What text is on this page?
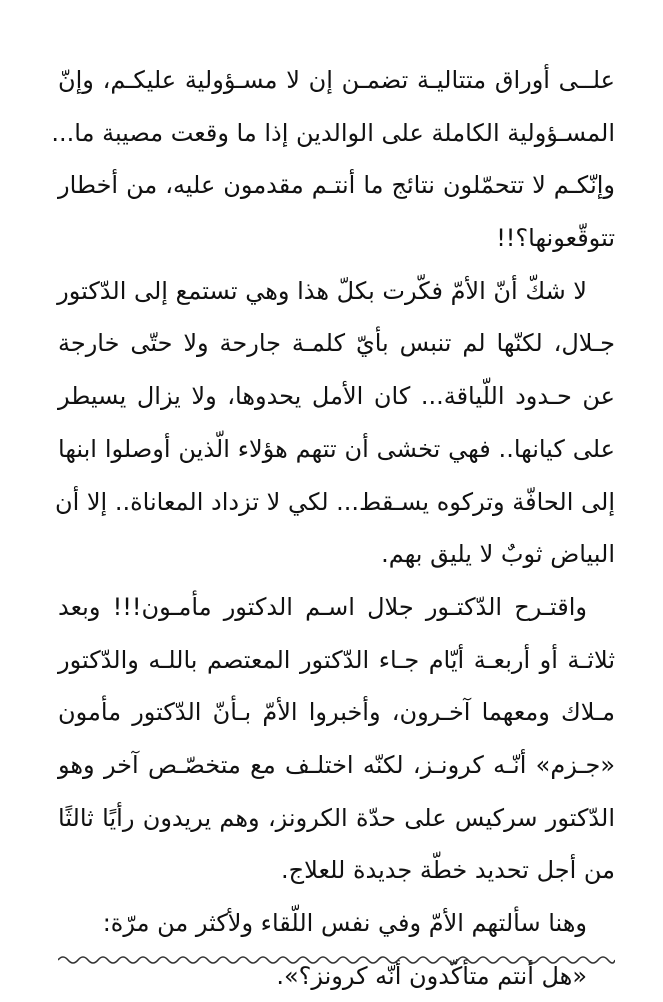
علــى أوراق متتاليـة تضمـن إن لا مسـؤولية عليكـم، وإنّ
المسـؤولية الكاملة على الوالدين إذا ما وقعت مصيبة ما...
وإنّكـم لا تتحمّلون نتائج ما أنتـم مقدمون عليه، من أخطار
تتوقّعونها؟!!
لا شكّ أنّ الأمّ فكّرت بكلّ هذا وهي تستمع إلى الدّكتور
جـلال، لكنّها لم تنبس بأيّ كلمـة جارحة ولا حتّى خارجة
عن حـدود اللّياقة... كان الأمل يحدوها، ولا يزال يسيطر
على كيانها.. فهي تخشى أن تتهم هؤلاء الّذين أوصلوا ابنها
إلى الحافّة وتركوه يسـقط... لكي لا تزداد المعاناة.. إلا أن
البياض ثوبٌ لا يليق بهم.
واقتـرح الدّكتـور جلال اسـم الدكتور مأمـون!!! وبعد
ثلاثـة أو أربعـة أيّام جـاء الدّكتور المعتصم باللـه والدّكتور
مـلاك ومعهما آخـرون، وأخبروا الأمّ بـأنّ الدّكتور مأمون
«جـزم» أنّـه كرونـز، لكنّه اختلـف مع متخصّـص آخر وهو
الدّكتور سركيس على حدّة الكرونز، وهم يريدون رأيًا ثالثًا
من أجل تحديد خطّة جديدة للعلاج.
وهنا سألتهم الأمّ وفي نفس اللّقاء ولأكثر من مرّة:
«هل أنتم متأكّدون أنّه كرونز؟».
